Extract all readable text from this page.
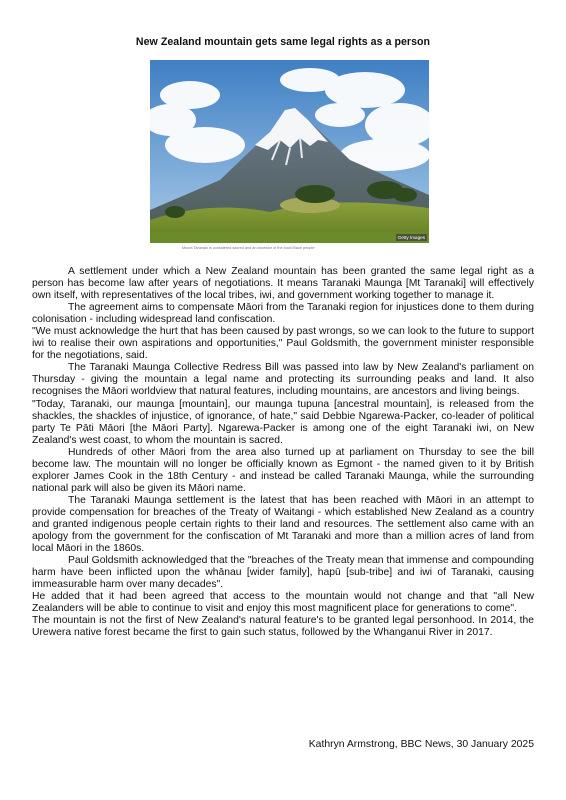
New Zealand mountain gets same legal rights as a person
Getty Images
Mount Taranaki is considered sacred and an ancestor of the local Maori people

A settlement under which a New Zealand mountain has been granted the same legal right as a person has become law after years of negotiations. It means Taranaki Maunga [Mt Taranaki] will effectively own itself, with representatives of the local tribes, iwi, and government working together to manage it.

The agreement aims to compensate Māori from the Taranaki region for injustices done to them during colonisation - including widespread land confiscation.

"We must acknowledge the hurt that has been caused by past wrongs, so we can look to the future to support iwi to realise their own aspirations and opportunities," Paul Goldsmith, the government minister responsible for the negotiations, said.

The Taranaki Maunga Collective Redress Bill was passed into law by New Zealand's parliament on Thursday - giving the mountain a legal name and protecting its surrounding peaks and land. It also recognises the Māori worldview that natural features, including mountains, are ancestors and living beings.

"Today, Taranaki, our maunga [mountain], our maunga tupuna [ancestral mountain], is released from the shackles, the shackles of injustice, of ignorance, of hate," said Debbie Ngarewa-Packer, co-leader of political party Te Pāti Māori [the Māori Party]. Ngarewa-Packer is among one of the eight Taranaki iwi, on New Zealand's west coast, to whom the mountain is sacred.

Hundreds of other Māori from the area also turned up at parliament on Thursday to see the bill become law. The mountain will no longer be officially known as Egmont - the named given to it by British explorer James Cook in the 18th Century - and instead be called Taranaki Maunga, while the surrounding national park will also be given its Māori name.

The Taranaki Maunga settlement is the latest that has been reached with Māori in an attempt to provide compensation for breaches of the Treaty of Waitangi - which established New Zealand as a country and granted indigenous people certain rights to their land and resources. The settlement also came with an apology from the government for the confiscation of Mt Taranaki and more than a million acres of land from local Māori in the 1860s.

Paul Goldsmith acknowledged that the "breaches of the Treaty mean that immense and compounding harm have been inflicted upon the whānau [wider family], hapū [sub-tribe] and iwi of Taranaki, causing immeasurable harm over many decades".

He added that it had been agreed that access to the mountain would not change and that "all New Zealanders will be able to continue to visit and enjoy this most magnificent place for generations to come".

The mountain is not the first of New Zealand's natural feature's to be granted legal personhood. In 2014, the Urewera native forest became the first to gain such status, followed by the Whanganui River in 2017.

Kathryn Armstrong, BBC News, 30 January 2025
